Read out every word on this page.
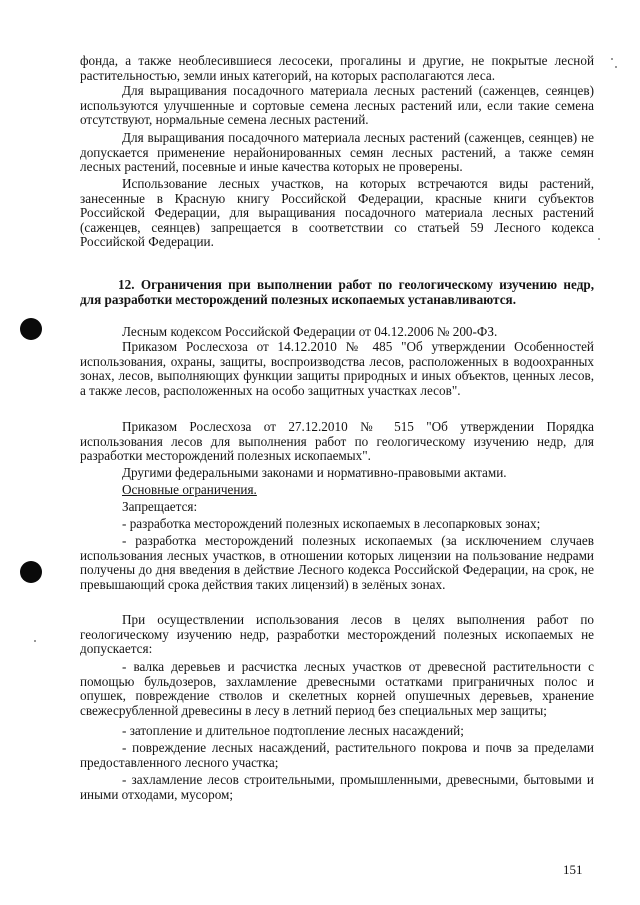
фонда, а также необлесившиеся лесосеки, прогалины и другие, не покрытые лесной растительностью, земли иных категорий, на которых располагаются леса.

Для выращивания посадочного материала лесных растений (саженцев, сеянцев) используются улучшенные и сортовые семена лесных растений или, если такие семена отсутствуют, нормальные семена лесных растений.

Для выращивания посадочного материала лесных растений (саженцев, сеянцев) не допускается применение нерайонированных семян лесных растений, а также семян лесных растений, посевные и иные качества которых не проверены.

Использование лесных участков, на которых встречаются виды растений, занесенные в Красную книгу Российской Федерации, красные книги субъектов Российской Федерации, для выращивания посадочного материала лесных растений (саженцев, сеянцев) запрещается в соответствии со статьей 59 Лесного кодекса Российской Федерации.

12. Ограничения при выполнении работ по геологическому изучению недр, для разработки месторождений полезных ископаемых устанавливаются.

Лесным кодексом Российской Федерации от 04.12.2006 № 200-ФЗ.

Приказом Рослесхоза от 14.12.2010 № 485 "Об утверждении Особенностей использования, охраны, защиты, воспроизводства лесов, расположенных в водоохранных зонах, лесов, выполняющих функции защиты природных и иных объектов, ценных лесов, а также лесов, расположенных на особо защитных участках лесов".

Приказом Рослесхоза от 27.12.2010 № 515 "Об утверждении Порядка использования лесов для выполнения работ по геологическому изучению недр, для разработки месторождений полезных ископаемых".

Другими федеральными законами и нормативно-правовыми актами.

Основные ограничения.

Запрещается:

- разработка месторождений полезных ископаемых в лесопарковых зонах;

- разработка месторождений полезных ископаемых (за исключением случаев использования лесных участков, в отношении которых лицензии на пользование недрами получены до дня введения в действие Лесного кодекса Российской Федерации, на срок, не превышающий срока действия таких лицензий) в зелёных зонах.

При осуществлении использования лесов в целях выполнения работ по геологическому изучению недр, разработки месторождений полезных ископаемых не допускается:

- валка деревьев и расчистка лесных участков от древесной растительности с помощью бульдозеров, захламление древесными остатками приграничных полос и опушек, повреждение стволов и скелетных корней опушечных деревьев, хранение свежесрубленной древесины в лесу в летний период без специальных мер защиты;

- затопление и длительное подтопление лесных насаждений;

- повреждение лесных насаждений, растительного покрова и почв за пределами предоставленного лесного участка;

- захламление лесов строительными, промышленными, древесными, бытовыми и иными отходами, мусором;

151
